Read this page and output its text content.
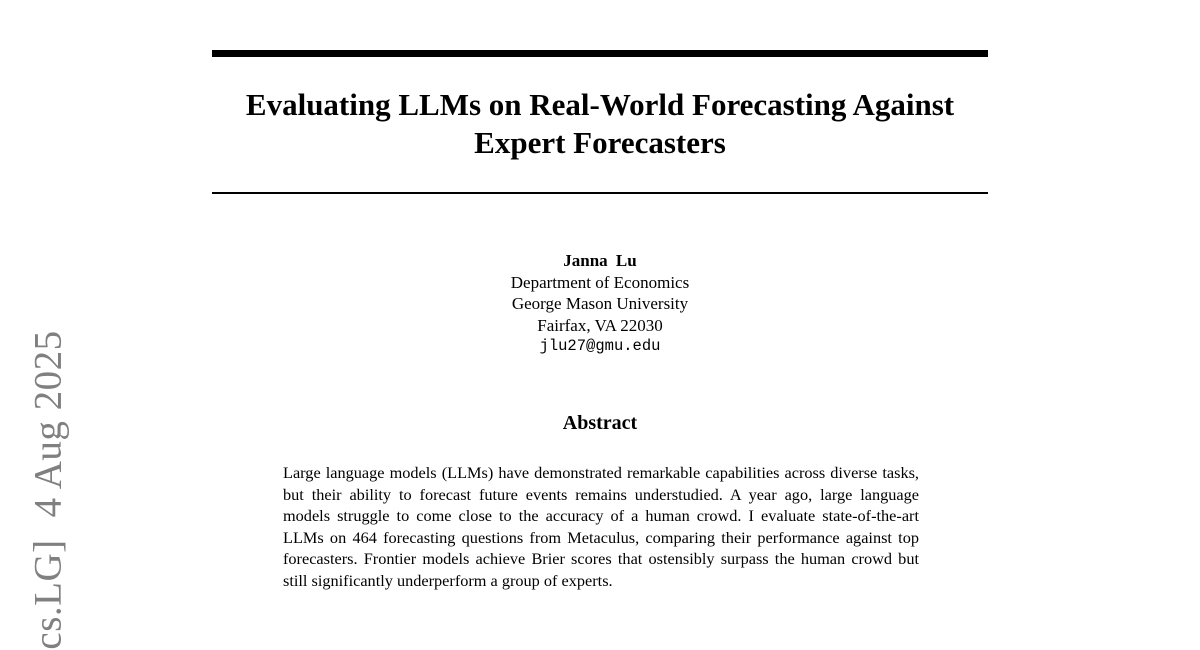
Evaluating LLMs on Real-World Forecasting Against Expert Forecasters
Janna Lu
Department of Economics
George Mason University
Fairfax, VA 22030
jlu27@gmu.edu
Abstract
Large language models (LLMs) have demonstrated remarkable capabilities across diverse tasks, but their ability to forecast future events remains understudied. A year ago, large language models struggle to come close to the accuracy of a human crowd. I evaluate state-of-the-art LLMs on 464 forecasting questions from Metaculus, comparing their performance against top forecasters. Frontier models achieve Brier scores that ostensibly surpass the human crowd but still significantly underperform a group of experts.
cs.LG]4 Aug 2025
